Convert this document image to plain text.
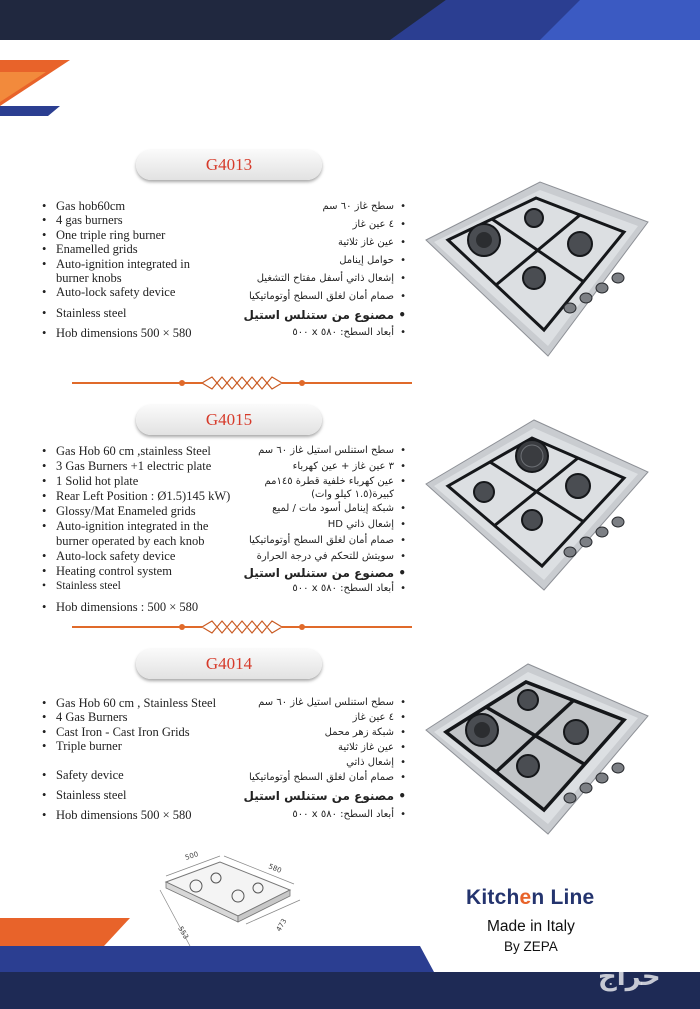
G4013
• Gas hob60cm
• 4 gas burners
• One triple ring burner
• Enamelled grids
• Auto-ignition integrated in
burner knobs
• Auto-lock safety device
• Stainless steel
• Hob dimensions 500 × 580
• سطح غاز ٦٠ سم
• ٤ عين غاز
• عين غاز ثلاثية
• حوامل إينامل
• إشعال ذاتي أسفل مفتاح التشغيل
• صمام أمان لغلق السطح أوتوماتيكيا
• مصنوع من ستنلس استيل
• أبعاد السطح: ٥٨٠ x ٥٠٠
G4015
• Gas Hob 60 cm ,stainless Steel
• 3 Gas Burners +1 electric plate
• 1 Solid hot plate
• Rear Left Position : Ø1.5)145 kW)
• Glossy/Mat Enameled grids
• Auto-ignition integrated in the
burner operated by each knob
• Auto-lock safety device
• Heating control system
• Stainless steel
• Hob dimensions : 500 × 580
• سطح استنلس استيل غاز ٦٠ سم
• ٣ عين غاز + عين كهرباء
• عين كهرباء خلفية قطرة ١٤٥مم
كبيرة(١.٥ كيلو وات)
• شبكة إينامل أسود مات / لميع
• إشعال ذاتي HD
• صمام أمان لغلق السطح أوتوماتيكيا
• سويتش للتحكم في درجة الحرارة
• مصنوع من ستنلس استيل
• أبعاد السطح: ٥٨٠ x ٥٠٠
G4014
• Gas Hob 60 cm , Stainless Steel
• 4 Gas Burners
• Cast Iron - Cast Iron Grids
• Triple burner
• Safety device
• Stainless steel
• Hob dimensions 500 × 580
• سطح استنلس استيل غاز ٦٠ سم
• ٤ عين غاز
• شبكة زهر محمل
• عين غاز ثلاثية
• إشعال ذاتي
• صمام أمان لغلق السطح أوتوماتيكيا
• مصنوع من ستنلس استيل
• أبعاد السطح: ٥٨٠ x ٥٠٠
500
580
553	473
Kitchen Line
Made in Italy
By ZEPA
حراج
